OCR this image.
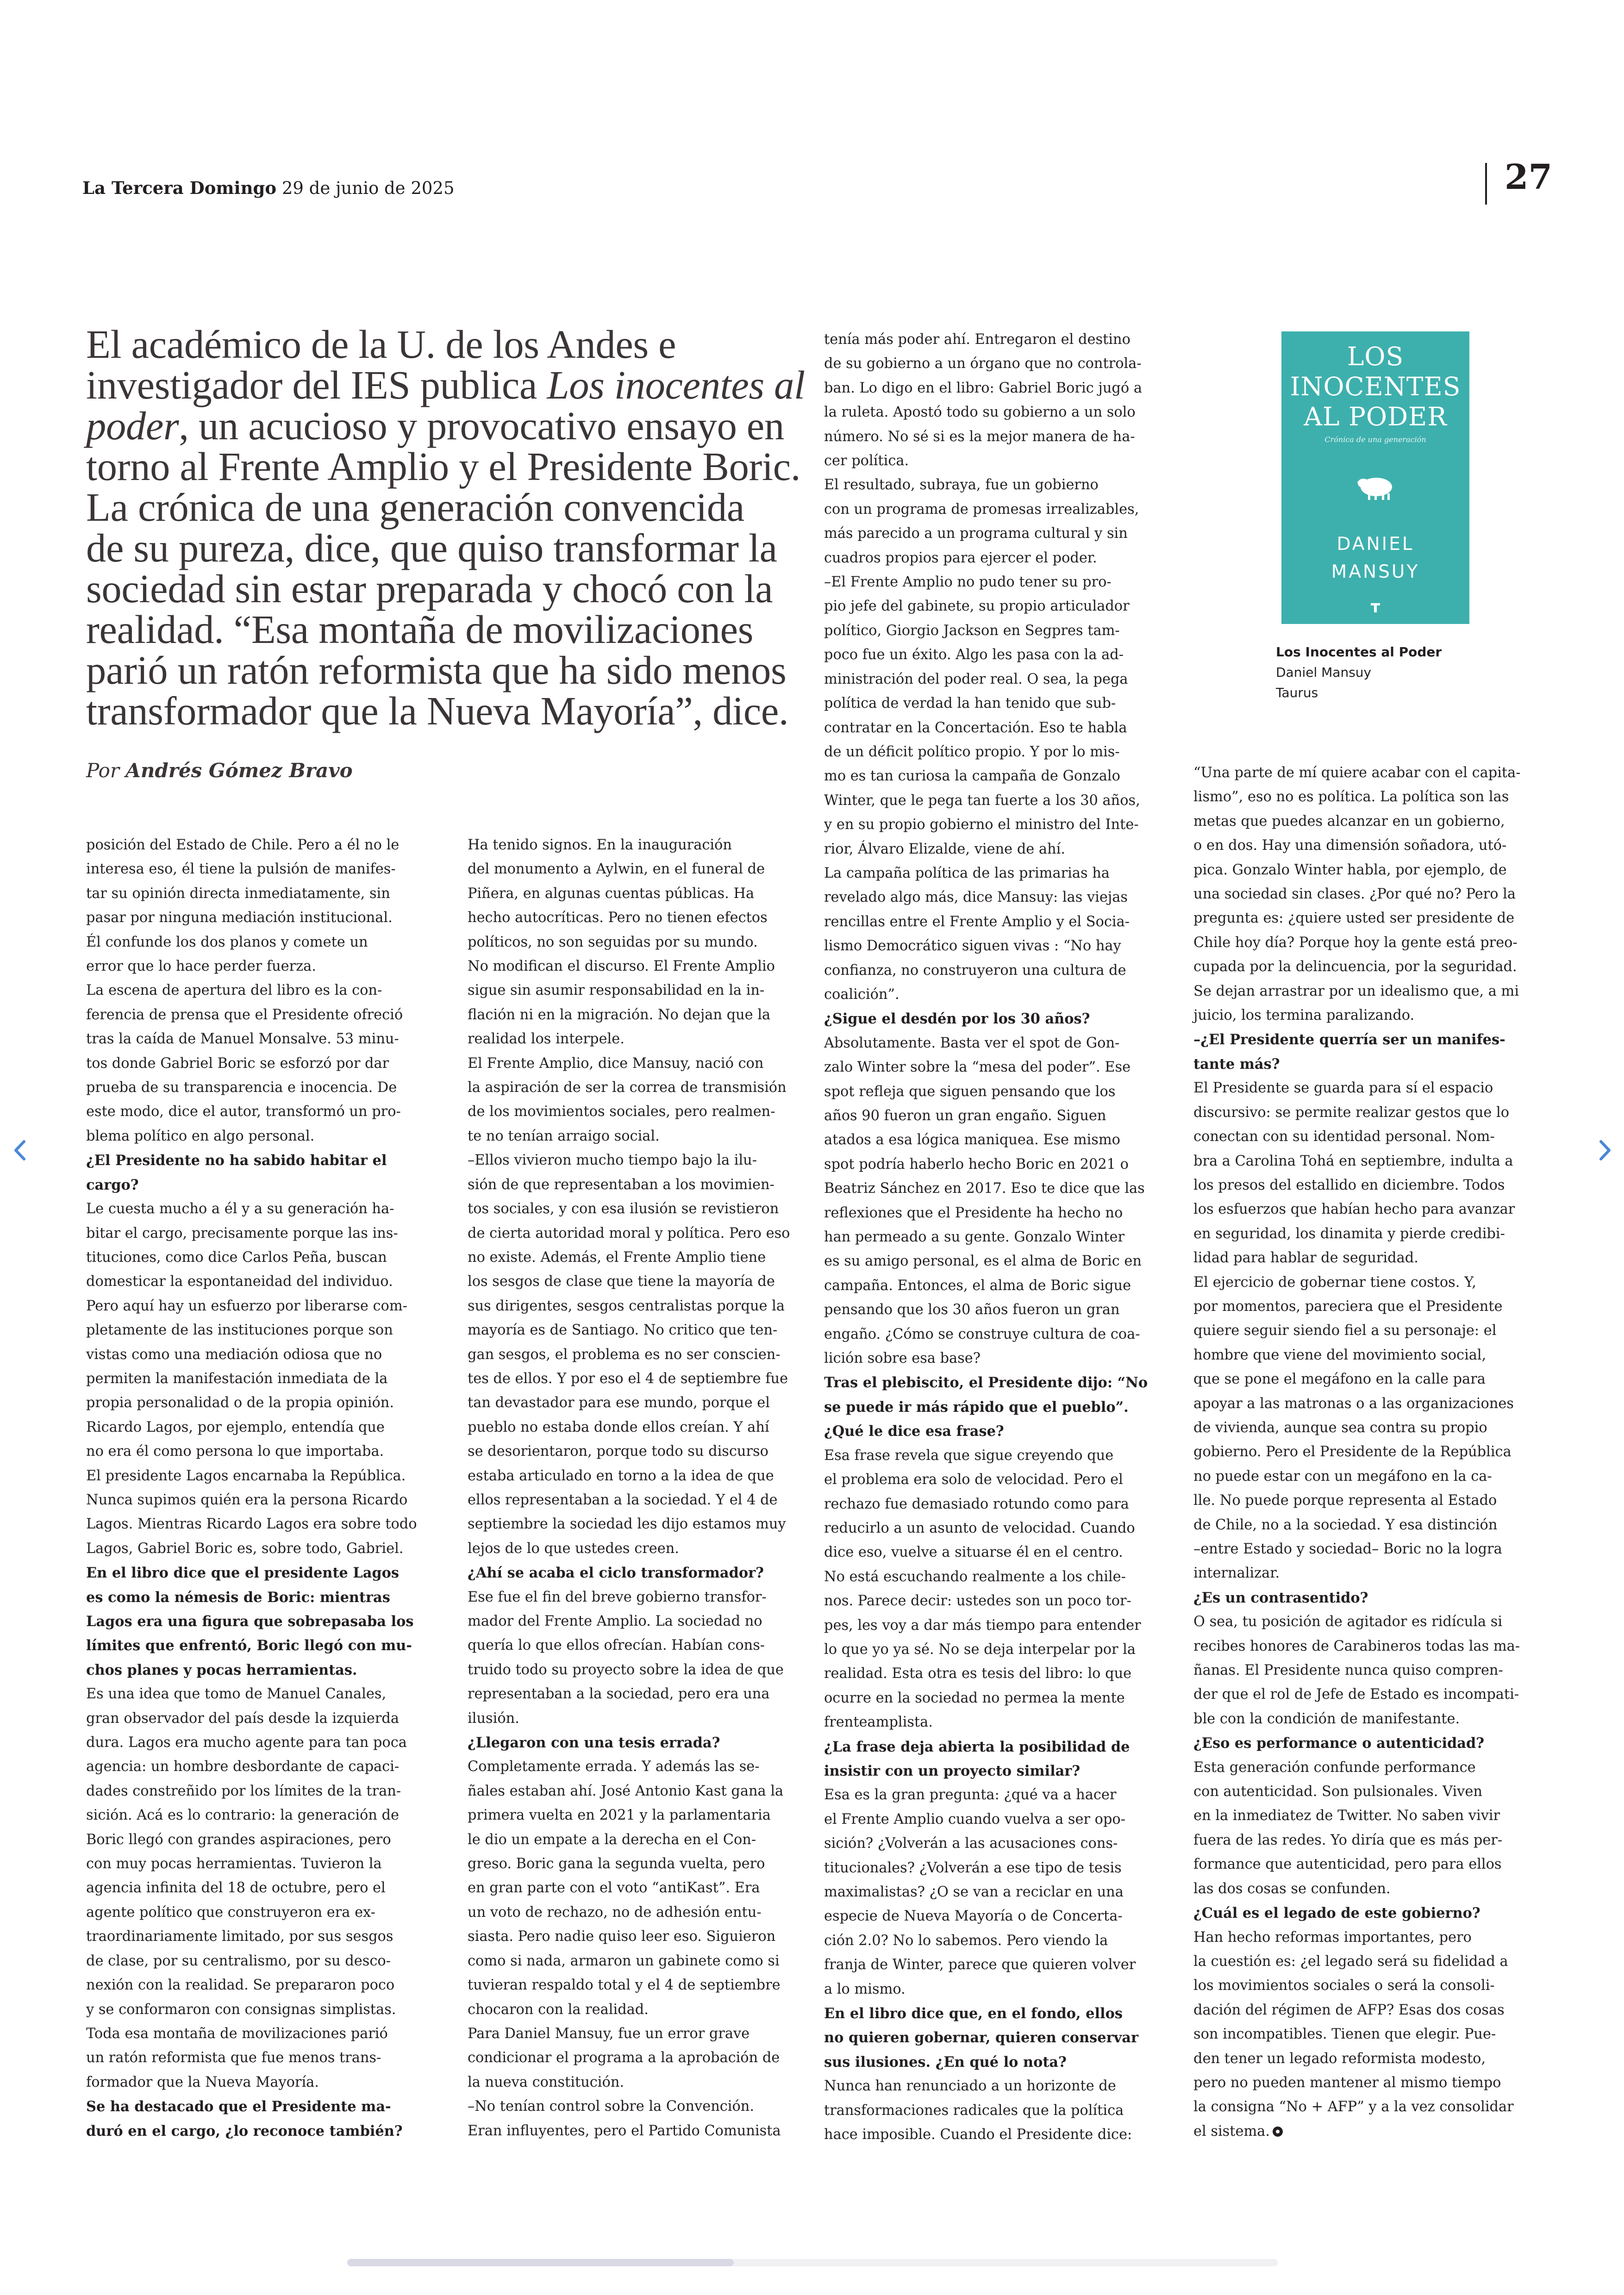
La Tercera Domingo 29 de junio de 2025	27
El académico de la U. de los Andes e
investigador del IES publica Los inocentes al
poder, un acucioso y provocativo ensayo en
torno al Frente Amplio y el Presidente Boric.
La crónica de una generación convencida
de su pureza, dice, que quiso transformar la
sociedad sin estar preparada y chocó con la
realidad. “Esa montaña de movilizaciones
parió un ratón reformista que ha sido menos
transformador que la Nueva Mayoría”, dice.
Por Andrés Gómez Bravo
LOS
INOCENTES
AL PODER
Crónica de una generación
DANIEL
MANSUY
Los Inocentes al Poder
Daniel Mansuy
Taurus
posición del Estado de Chile. Pero a él no le
interesa eso, él tiene la pulsión de manifes-
tar su opinión directa inmediatamente, sin
pasar por ninguna mediación institucional.
Él confunde los dos planos y comete un
error que lo hace perder fuerza.
La escena de apertura del libro es la con-
ferencia de prensa que el Presidente ofreció
tras la caída de Manuel Monsalve. 53 minu-
tos donde Gabriel Boric se esforzó por dar
prueba de su transparencia e inocencia. De
este modo, dice el autor, transformó un pro-
blema político en algo personal.
¿El Presidente no ha sabido habitar el
cargo?
Le cuesta mucho a él y a su generación ha-
bitar el cargo, precisamente porque las ins-
tituciones, como dice Carlos Peña, buscan
domesticar la espontaneidad del individuo.
Pero aquí hay un esfuerzo por liberarse com-
pletamente de las instituciones porque son
vistas como una mediación odiosa que no
permiten la manifestación inmediata de la
propia personalidad o de la propia opinión.
Ricardo Lagos, por ejemplo, entendía que
no era él como persona lo que importaba.
El presidente Lagos encarnaba la República.
Nunca supimos quién era la persona Ricardo
Lagos. Mientras Ricardo Lagos era sobre todo
Lagos, Gabriel Boric es, sobre todo, Gabriel.
En el libro dice que el presidente Lagos
es como la némesis de Boric: mientras
Lagos era una figura que sobrepasaba los
límites que enfrentó, Boric llegó con mu-
chos planes y pocas herramientas.
Es una idea que tomo de Manuel Canales,
gran observador del país desde la izquierda
dura. Lagos era mucho agente para tan poca
agencia: un hombre desbordante de capaci-
dades constreñido por los límites de la tran-
sición. Acá es lo contrario: la generación de
Boric llegó con grandes aspiraciones, pero
con muy pocas herramientas. Tuvieron la
agencia infinita del 18 de octubre, pero el
agente político que construyeron era ex-
traordinariamente limitado, por sus sesgos
de clase, por su centralismo, por su desco-
nexión con la realidad. Se prepararon poco
y se conformaron con consignas simplistas.
Toda esa montaña de movilizaciones parió
un ratón reformista que fue menos trans-
formador que la Nueva Mayoría.
Se ha destacado que el Presidente ma-
duró en el cargo, ¿lo reconoce también?
Ha tenido signos. En la inauguración
del monumento a Aylwin, en el funeral de
Piñera, en algunas cuentas públicas. Ha
hecho autocríticas. Pero no tienen efectos
políticos, no son seguidas por su mundo.
No modifican el discurso. El Frente Amplio
sigue sin asumir responsabilidad en la in-
flación ni en la migración. No dejan que la
realidad los interpele.
El Frente Amplio, dice Mansuy, nació con
la aspiración de ser la correa de transmisión
de los movimientos sociales, pero realmen-
te no tenían arraigo social.
–Ellos vivieron mucho tiempo bajo la ilu-
sión de que representaban a los movimien-
tos sociales, y con esa ilusión se revistieron
de cierta autoridad moral y política. Pero eso
no existe. Además, el Frente Amplio tiene
los sesgos de clase que tiene la mayoría de
sus dirigentes, sesgos centralistas porque la
mayoría es de Santiago. No critico que ten-
gan sesgos, el problema es no ser conscien-
tes de ellos. Y por eso el 4 de septiembre fue
tan devastador para ese mundo, porque el
pueblo no estaba donde ellos creían. Y ahí
se desorientaron, porque todo su discurso
estaba articulado en torno a la idea de que
ellos representaban a la sociedad. Y el 4 de
septiembre la sociedad les dijo estamos muy
lejos de lo que ustedes creen.
¿Ahí se acaba el ciclo transformador?
Ese fue el fin del breve gobierno transfor-
mador del Frente Amplio. La sociedad no
quería lo que ellos ofrecían. Habían cons-
truido todo su proyecto sobre la idea de que
representaban a la sociedad, pero era una
ilusión.
¿Llegaron con una tesis errada?
Completamente errada. Y además las se-
ñales estaban ahí. José Antonio Kast gana la
primera vuelta en 2021 y la parlamentaria
le dio un empate a la derecha en el Con-
greso. Boric gana la segunda vuelta, pero
en gran parte con el voto “antiKast”. Era
un voto de rechazo, no de adhesión entu-
siasta. Pero nadie quiso leer eso. Siguieron
como si nada, armaron un gabinete como si
tuvieran respaldo total y el 4 de septiembre
chocaron con la realidad.
Para Daniel Mansuy, fue un error grave
condicionar el programa a la aprobación de
la nueva constitución.
–No tenían control sobre la Convención.
Eran influyentes, pero el Partido Comunista
tenía más poder ahí. Entregaron el destino
de su gobierno a un órgano que no controla-
ban. Lo digo en el libro: Gabriel Boric jugó a
la ruleta. Apostó todo su gobierno a un solo
número. No sé si es la mejor manera de ha-
cer política.
El resultado, subraya, fue un gobierno
con un programa de promesas irrealizables,
más parecido a un programa cultural y sin
cuadros propios para ejercer el poder.
–El Frente Amplio no pudo tener su pro-
pio jefe del gabinete, su propio articulador
político, Giorgio Jackson en Segpres tam-
poco fue un éxito. Algo les pasa con la ad-
ministración del poder real. O sea, la pega
política de verdad la han tenido que sub-
contratar en la Concertación. Eso te habla
de un déficit político propio. Y por lo mis-
mo es tan curiosa la campaña de Gonzalo
Winter, que le pega tan fuerte a los 30 años,
y en su propio gobierno el ministro del Inte-
rior, Álvaro Elizalde, viene de ahí.
La campaña política de las primarias ha
revelado algo más, dice Mansuy: las viejas
rencillas entre el Frente Amplio y el Socia-
lismo Democrático siguen vivas : “No hay
confianza, no construyeron una cultura de
coalición”.
¿Sigue el desdén por los 30 años?
Absolutamente. Basta ver el spot de Gon-
zalo Winter sobre la “mesa del poder”. Ese
spot refleja que siguen pensando que los
años 90 fueron un gran engaño. Siguen
atados a esa lógica maniquea. Ese mismo
spot podría haberlo hecho Boric en 2021 o
Beatriz Sánchez en 2017. Eso te dice que las
reflexiones que el Presidente ha hecho no
han permeado a su gente. Gonzalo Winter
es su amigo personal, es el alma de Boric en
campaña. Entonces, el alma de Boric sigue
pensando que los 30 años fueron un gran
engaño. ¿Cómo se construye cultura de coa-
lición sobre esa base?
Tras el plebiscito, el Presidente dijo: “No
se puede ir más rápido que el pueblo”.
¿Qué le dice esa frase?
Esa frase revela que sigue creyendo que
el problema era solo de velocidad. Pero el
rechazo fue demasiado rotundo como para
reducirlo a un asunto de velocidad. Cuando
dice eso, vuelve a situarse él en el centro.
No está escuchando realmente a los chile-
nos. Parece decir: ustedes son un poco tor-
pes, les voy a dar más tiempo para entender
lo que yo ya sé. No se deja interpelar por la
realidad. Esta otra es tesis del libro: lo que
ocurre en la sociedad no permea la mente
frenteamplista.
¿La frase deja abierta la posibilidad de
insistir con un proyecto similar?
Esa es la gran pregunta: ¿qué va a hacer
el Frente Amplio cuando vuelva a ser opo-
sición? ¿Volverán a las acusaciones cons-
titucionales? ¿Volverán a ese tipo de tesis
maximalistas? ¿O se van a reciclar en una
especie de Nueva Mayoría o de Concerta-
ción 2.0? No lo sabemos. Pero viendo la
franja de Winter, parece que quieren volver
a lo mismo.
En el libro dice que, en el fondo, ellos
no quieren gobernar, quieren conservar
sus ilusiones. ¿En qué lo nota?
Nunca han renunciado a un horizonte de
transformaciones radicales que la política
hace imposible. Cuando el Presidente dice:
“Una parte de mí quiere acabar con el capita-
lismo”, eso no es política. La política son las
metas que puedes alcanzar en un gobierno,
o en dos. Hay una dimensión soñadora, utó-
pica. Gonzalo Winter habla, por ejemplo, de
una sociedad sin clases. ¿Por qué no? Pero la
pregunta es: ¿quiere usted ser presidente de
Chile hoy día? Porque hoy la gente está preo-
cupada por la delincuencia, por la seguridad.
Se dejan arrastrar por un idealismo que, a mi
juicio, los termina paralizando.
–¿El Presidente querría ser un manifes-
tante más?
El Presidente se guarda para sí el espacio
discursivo: se permite realizar gestos que lo
conectan con su identidad personal. Nom-
bra a Carolina Tohá en septiembre, indulta a
los presos del estallido en diciembre. Todos
los esfuerzos que habían hecho para avanzar
en seguridad, los dinamita y pierde credibi-
lidad para hablar de seguridad.
El ejercicio de gobernar tiene costos. Y,
por momentos, pareciera que el Presidente
quiere seguir siendo fiel a su personaje: el
hombre que viene del movimiento social,
que se pone el megáfono en la calle para
apoyar a las matronas o a las organizaciones
de vivienda, aunque sea contra su propio
gobierno. Pero el Presidente de la República
no puede estar con un megáfono en la ca-
lle. No puede porque representa al Estado
de Chile, no a la sociedad. Y esa distinción
–entre Estado y sociedad– Boric no la logra
internalizar.
¿Es un contrasentido?
O sea, tu posición de agitador es ridícula si
recibes honores de Carabineros todas las ma-
ñanas. El Presidente nunca quiso compren-
der que el rol de Jefe de Estado es incompati-
ble con la condición de manifestante.
¿Eso es performance o autenticidad?
Esta generación confunde performance
con autenticidad. Son pulsionales. Viven
en la inmediatez de Twitter. No saben vivir
fuera de las redes. Yo diría que es más per-
formance que autenticidad, pero para ellos
las dos cosas se confunden.
¿Cuál es el legado de este gobierno?
Han hecho reformas importantes, pero
la cuestión es: ¿el legado será su fidelidad a
los movimientos sociales o será la consoli-
dación del régimen de AFP? Esas dos cosas
son incompatibles. Tienen que elegir. Pue-
den tener un legado reformista modesto,
pero no pueden mantener al mismo tiempo
la consigna “No + AFP” y a la vez consolidar
el sistema.
